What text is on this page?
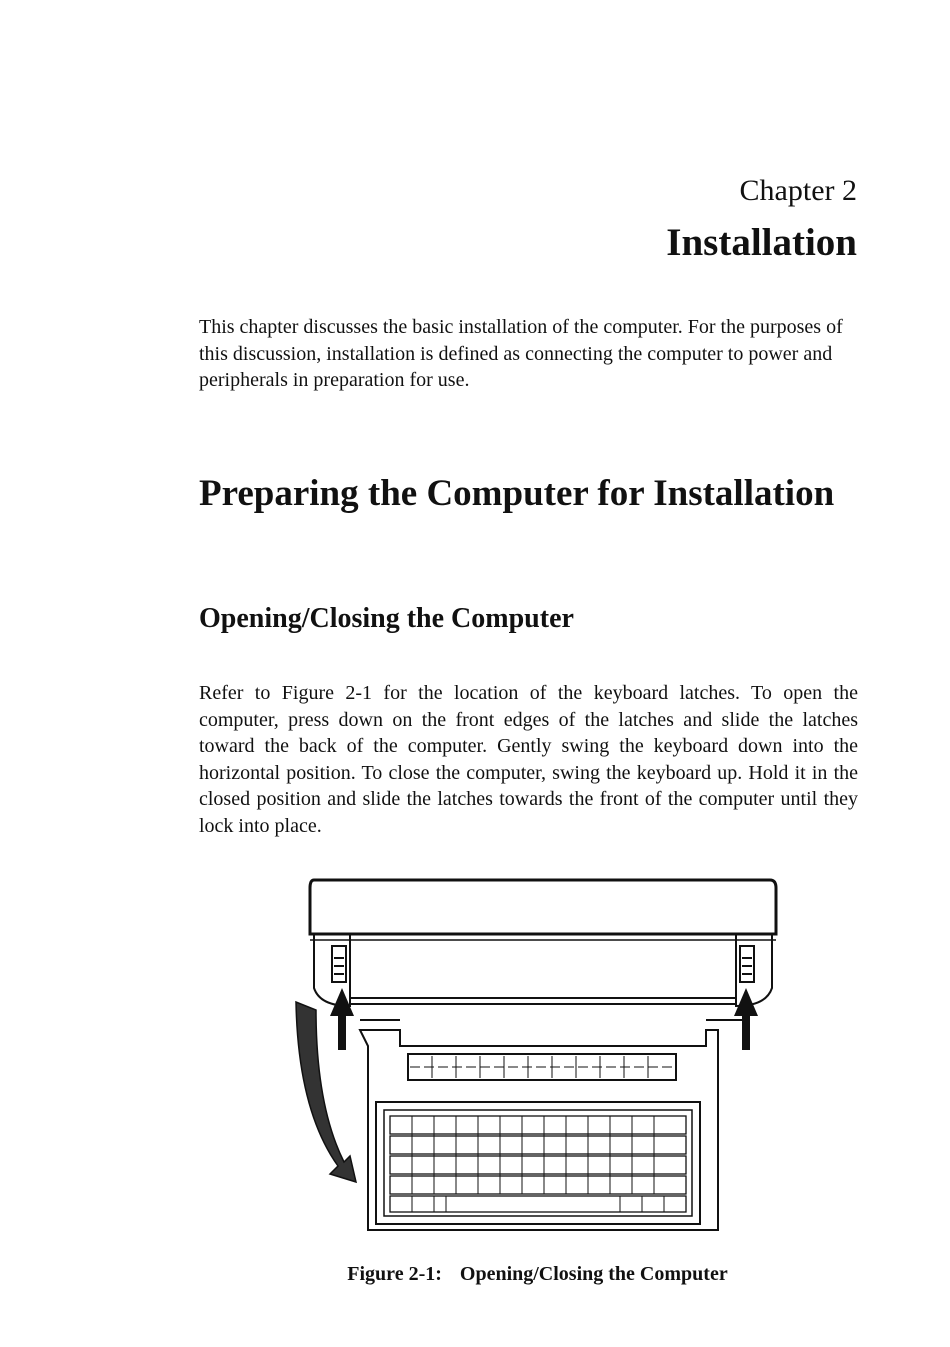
Chapter 2
Installation

This chapter discusses the basic installation of the computer. For the purposes of this discussion, installation is defined as connecting the computer to power and peripherals in preparation for use.

Preparing the Computer for Installation
Opening/Closing the Computer

Refer to Figure 2-1 for the location of the keyboard latches. To open the computer, press down on the front edges of the latches and slide the latches toward the back of the computer. Gently swing the keyboard down into the horizontal position. To close the computer, swing the keyboard up. Hold it in the closed position and slide the latches towards the front of the computer until they lock into place.

Figure 2-1: Opening/Closing the Computer
